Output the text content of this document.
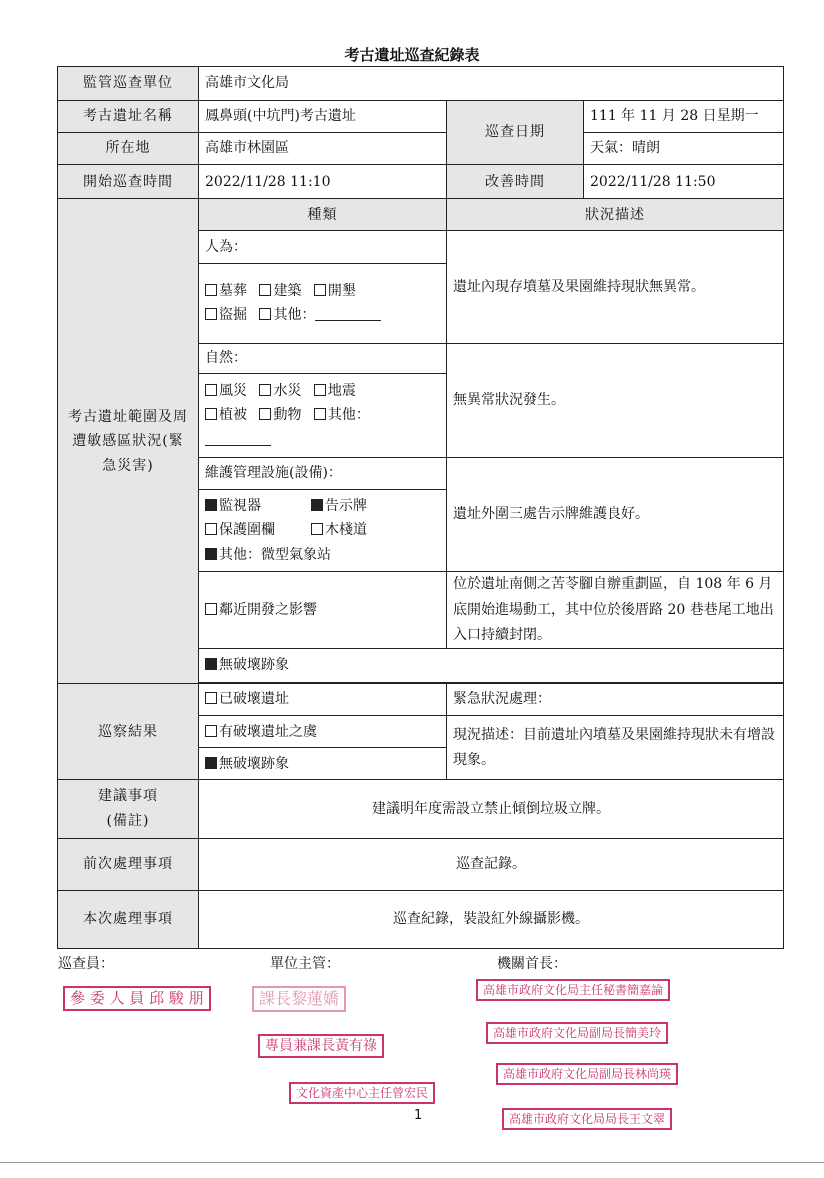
考古遺址巡查紀錄表
監管巡查單位	高雄市文化局		
考古遺址名稱	鳳鼻頭(中坑門)考古遺址	巡查日期	111 年 11 月 28 日星期一
所在地	高雄市林園區		天氣：晴朗
開始巡查時間	2022/11/28 11:10	改善時間	2022/11/28 11:50
考古遺址範圍及周遭敏感區狀況(緊急災害)	種類	狀況描述	
	人為：	遺址內現存墳墓及果園維持現狀無異常。	
	墓葬 建築 開墾
盜掘 其他：		
	自然：	無異常狀況發生。	
	風災 水災 地震
植被 動物 其他：		

	維護管理設施(設備)：	遺址外圍三處告示牌維護良好。	
	監視器 告示牌
保護圍欄 木棧道
其他：微型氣象站		
	鄰近開發之影響	位於遺址南側之苦苓腳自辦重劃區，自 108 年 6 月底開始進場動工，其中位於後厝路 20 巷巷尾工地出入口持續封閉。	
	無破壞跡象		

巡察結果	已破壞遺址	緊急狀況處理：	
	有破壞遺址之虞	現況描述：目前遺址內墳墓及果園維持現狀未有增設現象。	
	無破壞跡象		
建議事項(備註)	建議明年度需設立禁止傾倒垃圾立牌。		
前次處理事項	巡查記錄。		
本次處理事項	巡查紀錄，裝設紅外線攝影機。		
巡查員：	單位主管：	機關首長：
參 委 人 員 邱 駿 朋	課長黎蓮嬌
專員兼課長黃有祿
文化資產中心主任曾宏民
高雄市政府文化局主任秘書簡嘉論
高雄市政府文化局副局長簡美玲
高雄市政府文化局副局長林尚瑛
高雄市政府文化局局長王文翠
1
